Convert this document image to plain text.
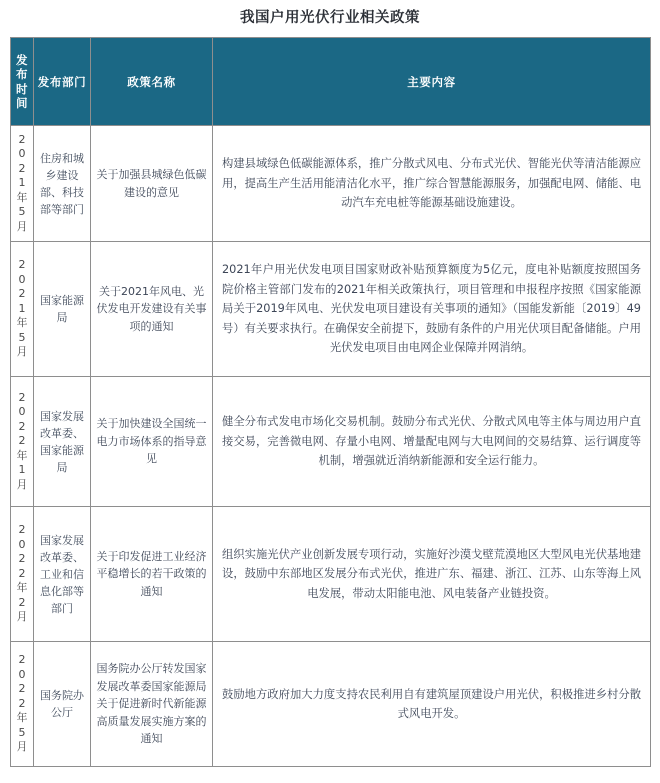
我国户用光伏行业相关政策
发
布
时
间	发布部门	政策名称	主要内容

2
0
2
1
年
5
月
	住房和城乡建设部、科技部等部门	关于加强县城绿色低碳建设的意见	构建县域绿色低碳能源体系，推广分散式风电、分布式光伏、智能光伏等清洁能源应用，提高生产生活用能清洁化水平，推广综合智慧能源服务，加强配电网、储能、电动汽车充电桩等能源基础设施建设。

2
0
2
1
年
5
月
	国家能源局	关于2021年风电、光伏发电开发建设有关事项的通知	2021年户用光伏发电项目国家财政补贴预算额度为5亿元，度电补贴额度按照国务院价格主管部门发布的2021年相关政策执行，项目管理和申报程序按照《国家能源局关于2019年风电、光伏发电项目建设有关事项的通知》（国能发新能〔2019〕49号）有关要求执行。在确保安全前提下，鼓励有条件的户用光伏项目配备储能。户用光伏发电项目由电网企业保障并网消纳。

2
0
2
2
年
1
月
	国家发展改革委、国家能源局	关于加快建设全国统一电力市场体系的指导意见	健全分布式发电市场化交易机制。鼓励分布式光伏、分散式风电等主体与周边用户直接交易，完善微电网、存量小电网、增量配电网与大电网间的交易结算、运行调度等机制，增强就近消纳新能源和安全运行能力。

2
0
2
2
年
2
月
	国家发展改革委、工业和信息化部等部门	关于印发促进工业经济平稳增长的若干政策的通知	组织实施光伏产业创新发展专项行动，实施好沙漠戈壁荒漠地区大型风电光伏基地建设，鼓励中东部地区发展分布式光伏，推进广东、福建、浙江、江苏、山东等海上风电发展，带动太阳能电池、风电装备产业链投资。

2
0
2
2
年
5
月
	国务院办公厅	国务院办公厅转发国家发展改革委国家能源局关于促进新时代新能源高质量发展实施方案的通知	鼓励地方政府加大力度支持农民利用自有建筑屋顶建设户用光伏，积极推进乡村分散式风电开发。
